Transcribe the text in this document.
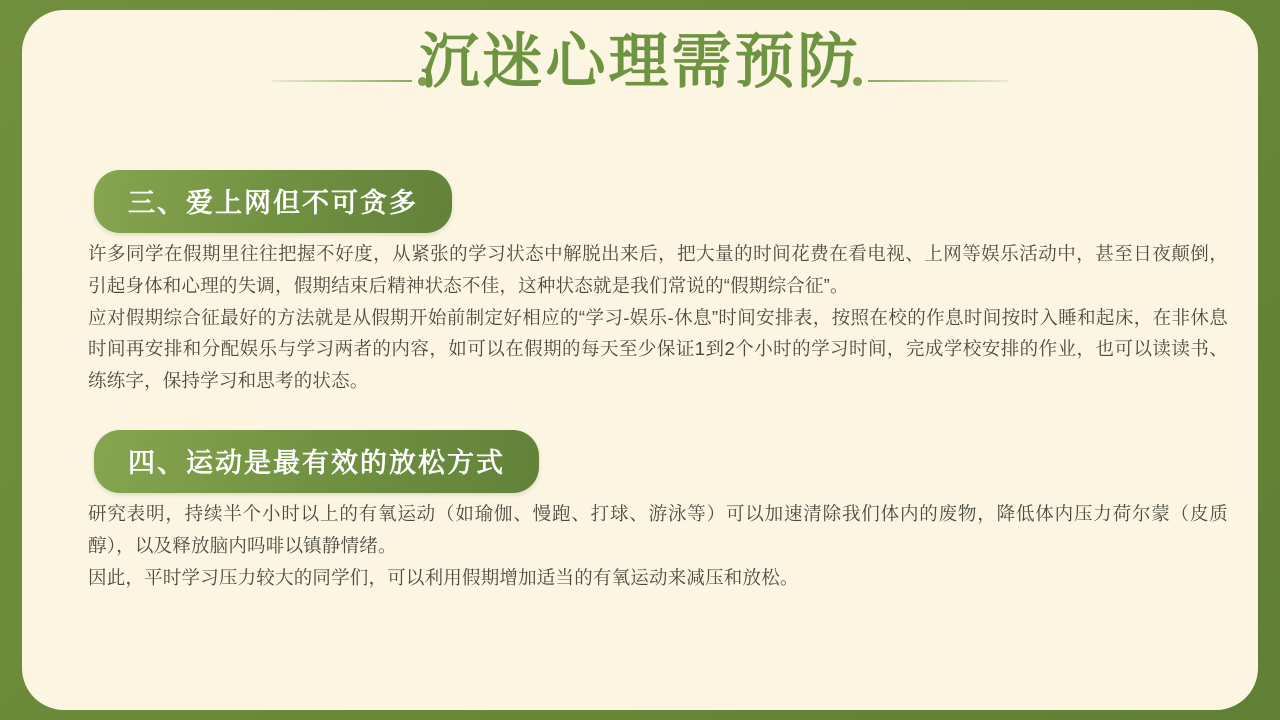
沉迷心理需预防
三、爱上网但不可贪多

许多同学在假期里往往把握不好度，从紧张的学习状态中解脱出来后，把大量的时间花费在看电视、上网等娱乐活动中，甚至日夜颠倒，引起身体和心理的失调，假期结束后精神状态不佳，这种状态就是我们常说的“假期综合征”。

应对假期综合征最好的方法就是从假期开始前制定好相应的“学习-娱乐-休息”时间安排表，按照在校的作息时间按时入睡和起床，在非休息时间再安排和分配娱乐与学习两者的内容，如可以在假期的每天至少保证1到2个小时的学习时间，完成学校安排的作业，也可以读读书、练练字，保持学习和思考的状态。

四、运动是最有效的放松方式

研究表明，持续半个小时以上的有氧运动（如瑜伽、慢跑、打球、游泳等）可以加速清除我们体内的废物，降低体内压力荷尔蒙（皮质醇），以及释放脑内吗啡以镇静情绪。

因此，平时学习压力较大的同学们，可以利用假期增加适当的有氧运动来减压和放松。
